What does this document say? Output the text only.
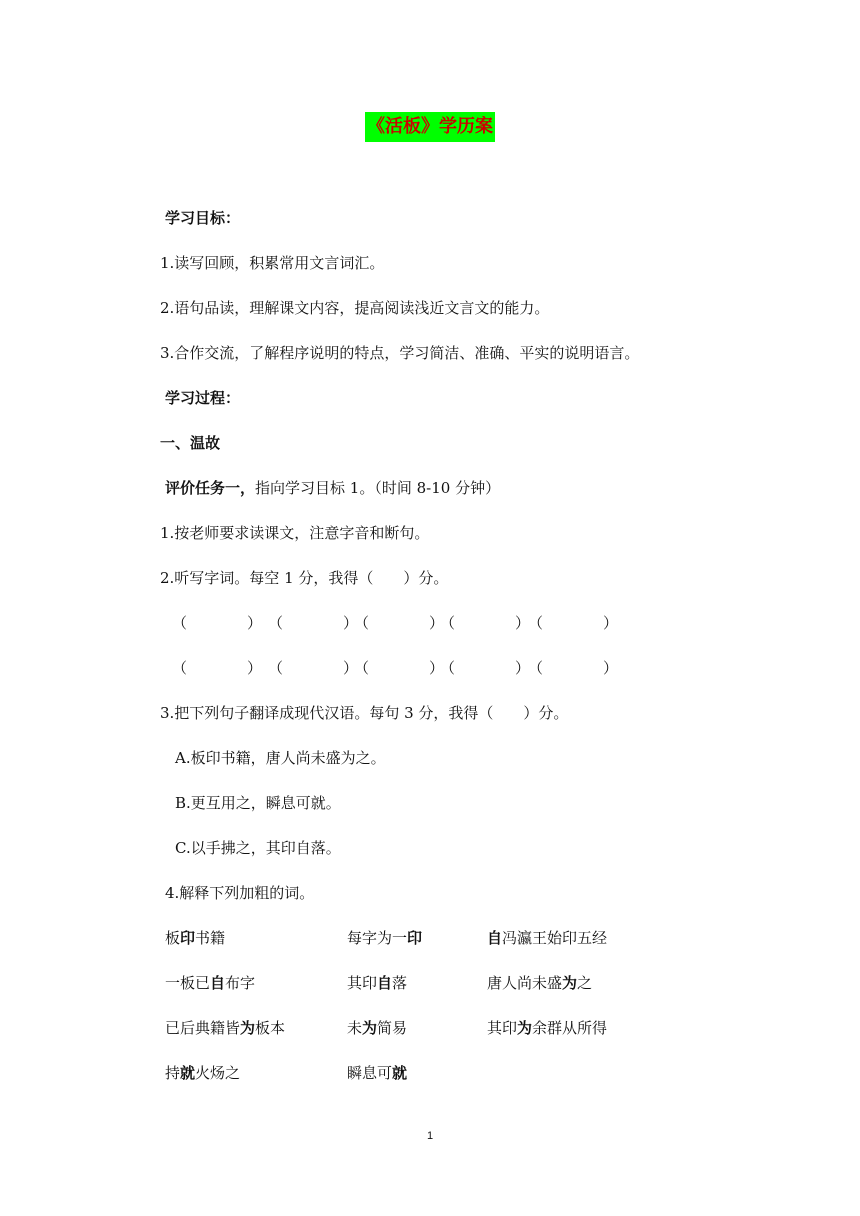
《活板》学历案
学习目标：
1.读写回顾，积累常用文言词汇。
2.语句品读，理解课文内容，提高阅读浅近文言文的能力。
3.合作交流，了解程序说明的特点，学习简洁、准确、平实的说明语言。
学习过程：
一、温故
评价任务一，指向学习目标 1。（时间 8-10 分钟）
1.按老师要求读课文，注意字音和断句。
2.听写字词。每空 1 分，我得（　　）分。
（　　　　） （　　　　）
（　　　　）
（　　　　）
（　　　　）
（　　　　） （　　　　）
（　　　　）
（　　　　）
（　　　　）
3.把下列句子翻译成现代汉语。每句 3 分，我得（　　）分。
A.板印书籍，唐人尚未盛为之。
B.更互用之，瞬息可就。
C.以手拂之，其印自落。
4.解释下列加粗的词。
板印书籍	每字为一印	自冯瀛王始印五经
一板已自布字	其印自落	唐人尚未盛为之
已后典籍皆为板本	未为简易	其印为余群从所得
持就火炀之	瞬息可就
1
